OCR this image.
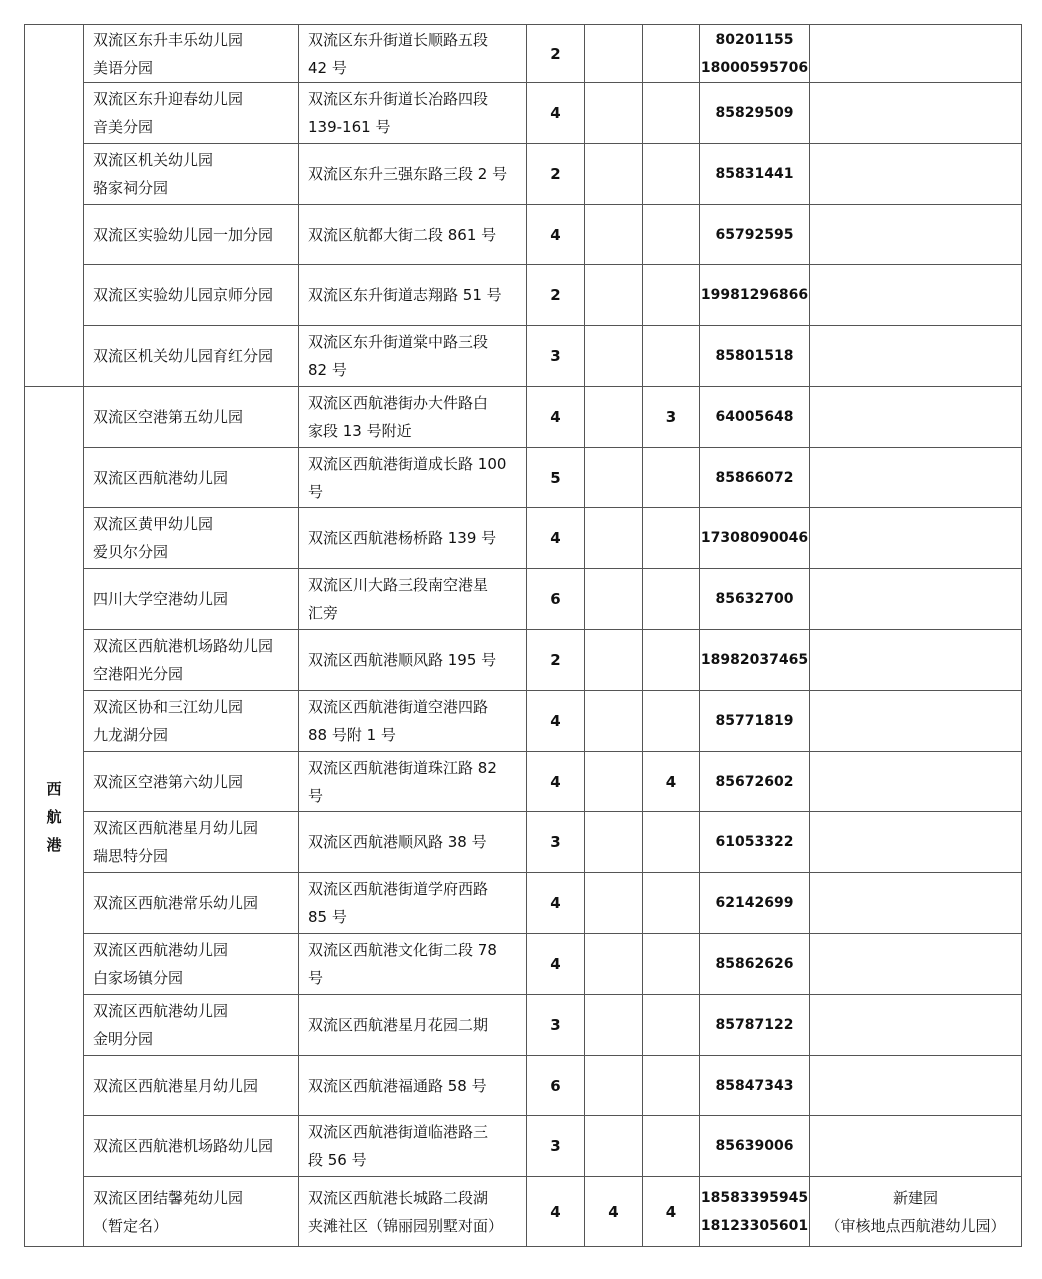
	双流区东升丰乐幼儿园
美语分园	双流区东升街道长顺路五段
42 号	2			80201155
18000595706	

	双流区东升迎春幼儿园
音美分园	双流区东升街道长冶路四段
139-161 号	4			85829509	

	双流区机关幼儿园
骆家祠分园	双流区东升三强东路三段 2 号	2			85831441	

	双流区实验幼儿园一加分园	双流区航都大街二段 861 号	4			65792595	

	双流区实验幼儿园京师分园	双流区东升街道志翔路 51 号	2			19981296866	

	双流区机关幼儿园育红分园	双流区东升街道棠中路三段
82 号	3			85801518	

西
航
港	双流区空港第五幼儿园	双流区西航港街办大件路白
家段 13 号附近	4		3	64005648	

	双流区西航港幼儿园	双流区西航港街道成长路 100
号	5			85866072	

	双流区黄甲幼儿园
爱贝尔分园	双流区西航港杨桥路 139 号	4			17308090046	

	四川大学空港幼儿园	双流区川大路三段南空港星
汇旁	6			85632700	

	双流区西航港机场路幼儿园
空港阳光分园	双流区西航港顺风路 195 号	2			18982037465	

	双流区协和三江幼儿园
九龙湖分园	双流区西航港街道空港四路
88 号附 1 号	4			85771819	

	双流区空港第六幼儿园	双流区西航港街道珠江路 82
号	4		4	85672602	

	双流区西航港星月幼儿园
瑞思特分园	双流区西航港顺风路 38 号	3			61053322	

	双流区西航港常乐幼儿园	双流区西航港街道学府西路
85 号	4			62142699	

	双流区西航港幼儿园
白家场镇分园	双流区西航港文化街二段 78
号	4			85862626	

	双流区西航港幼儿园
金明分园	双流区西航港星月花园二期	3			85787122	

	双流区西航港星月幼儿园	双流区西航港福通路 58 号	6			85847343	

	双流区西航港机场路幼儿园	双流区西航港街道临港路三
段 56 号	3			85639006	

	双流区团结馨苑幼儿园
（暂定名）	双流区西航港长城路二段湖
夹滩社区（锦丽园别墅对面）	4	4	4	18583395945
18123305601	新建园
（审核地点西航港幼儿园）
